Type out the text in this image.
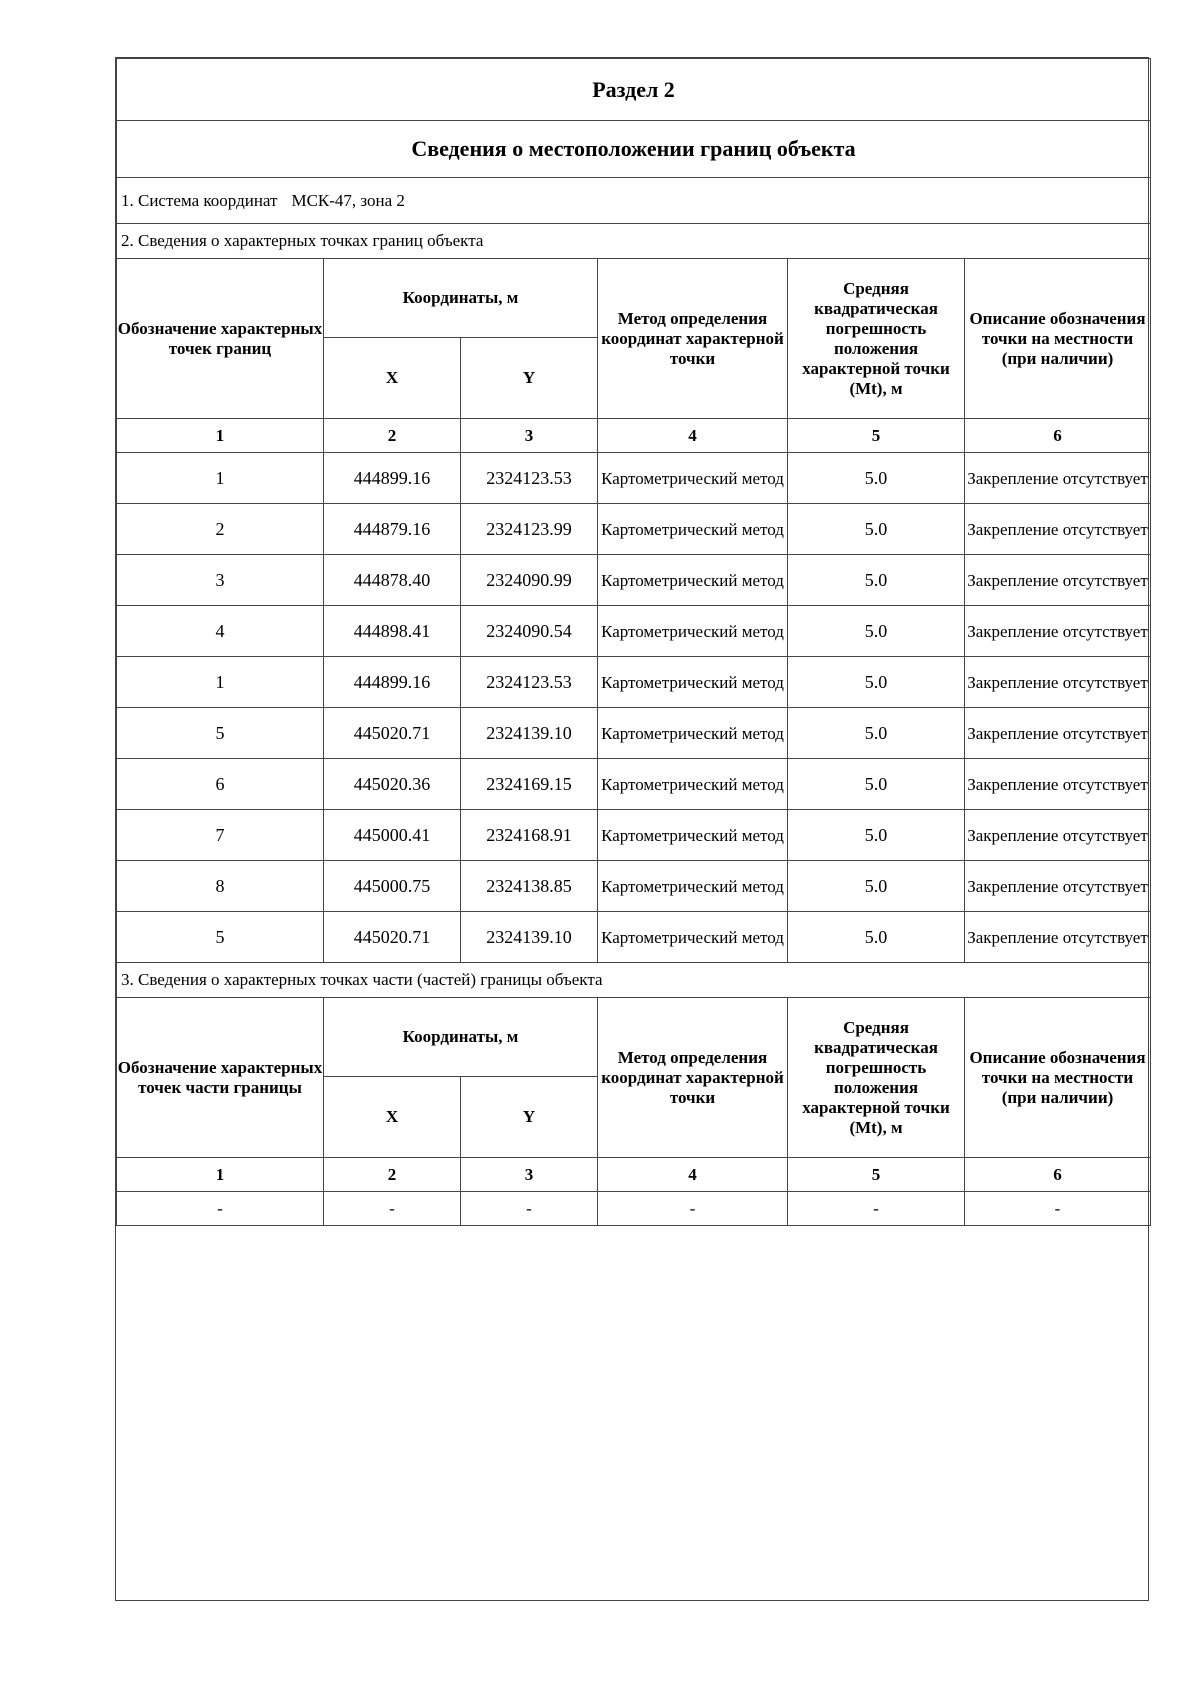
Раздел 2					
Сведения о местоположении границ объекта					
1. Система координат МСК-47, зона 2					
2. Сведения о характерных точках границ объекта					
Обозначение характерных точек границ	Координаты, м		Метод определения координат характерной точки	Средняя квадратическая погрешность положения характерной точки (Mt), м	Описание обозначения точки на местности (при наличии)
	X	Y			
1	2	3	4	5	6
1	444899.16	2324123.53	Картометрический метод	5.0	Закрепление отсутствует
2	444879.16	2324123.99	Картометрический метод	5.0	Закрепление отсутствует
3	444878.40	2324090.99	Картометрический метод	5.0	Закрепление отсутствует
4	444898.41	2324090.54	Картометрический метод	5.0	Закрепление отсутствует
1	444899.16	2324123.53	Картометрический метод	5.0	Закрепление отсутствует
5	445020.71	2324139.10	Картометрический метод	5.0	Закрепление отсутствует
6	445020.36	2324169.15	Картометрический метод	5.0	Закрепление отсутствует
7	445000.41	2324168.91	Картометрический метод	5.0	Закрепление отсутствует
8	445000.75	2324138.85	Картометрический метод	5.0	Закрепление отсутствует
5	445020.71	2324139.10	Картометрический метод	5.0	Закрепление отсутствует
3. Сведения о характерных точках части (частей) границы объекта					
Обозначение характерных точек части границы	Координаты, м		Метод определения координат характерной точки	Средняя квадратическая погрешность положения характерной точки (Mt), м	Описание обозначения точки на местности (при наличии)
	X	Y			
1	2	3	4	5	6
-	-	-	-	-	-
